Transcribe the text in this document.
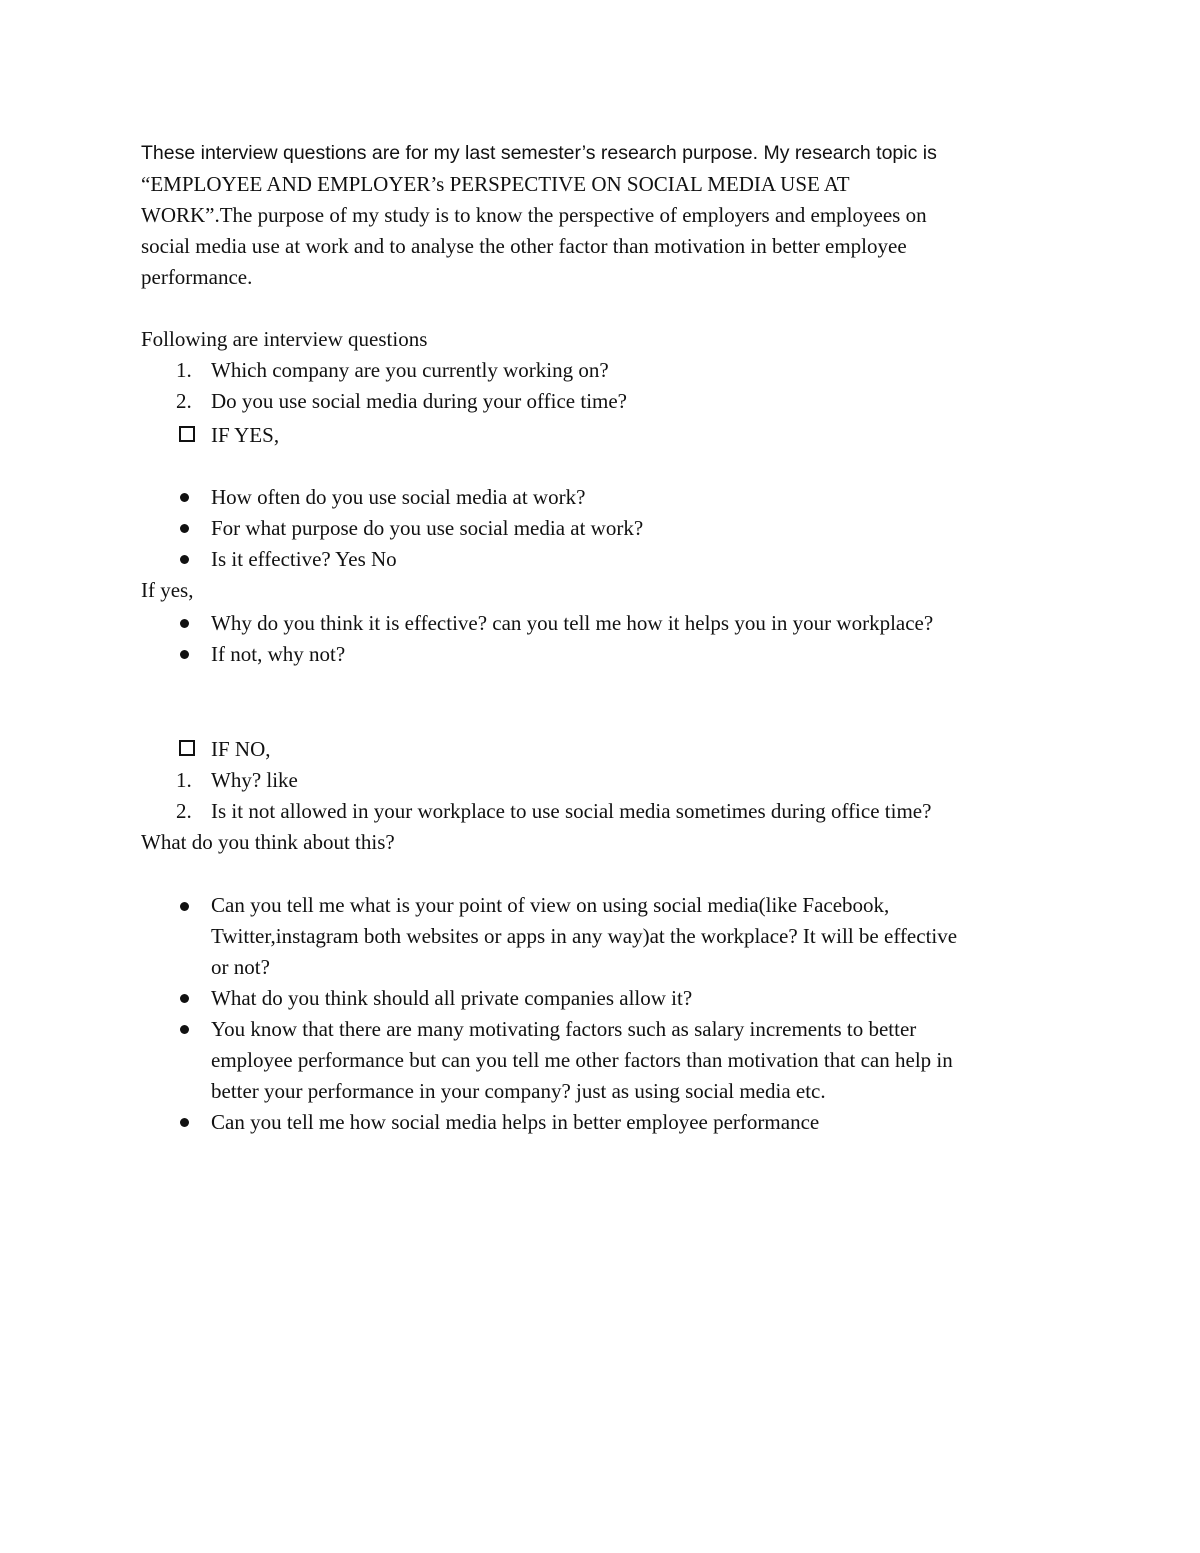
These interview questions are for my last semester’s research purpose. My research topic is
“EMPLOYEE AND EMPLOYER’s PERSPECTIVE ON SOCIAL MEDIA USE AT
WORK”.The purpose of my study is to know the perspective of employers and employees on
social media use at work and to analyse the other factor than motivation in better employee
performance.
Following are interview questions
1. Which company are you currently working on?
2. Do you use social media during your office time?
IF YES,
How often do you use social media at work?
For what purpose do you use social media at work?
Is it effective? Yes No
If yes,
Why do you think it is effective? can you tell me how it helps you in your workplace?
If not, why not?
IF NO,
1. Why? like
2. Is it not allowed in your workplace to use social media sometimes during office time?
What do you think about this?
Can you tell me what is your point of view on using social media(like Facebook,
Twitter,instagram both websites or apps in any way)at the workplace? It will be effective
or not?
What do you think should all private companies allow it?
You know that there are many motivating factors such as salary increments to better
employee performance but can you tell me other factors than motivation that can help in
better your performance in your company? just as using social media etc.
Can you tell me how social media helps in better employee performance
